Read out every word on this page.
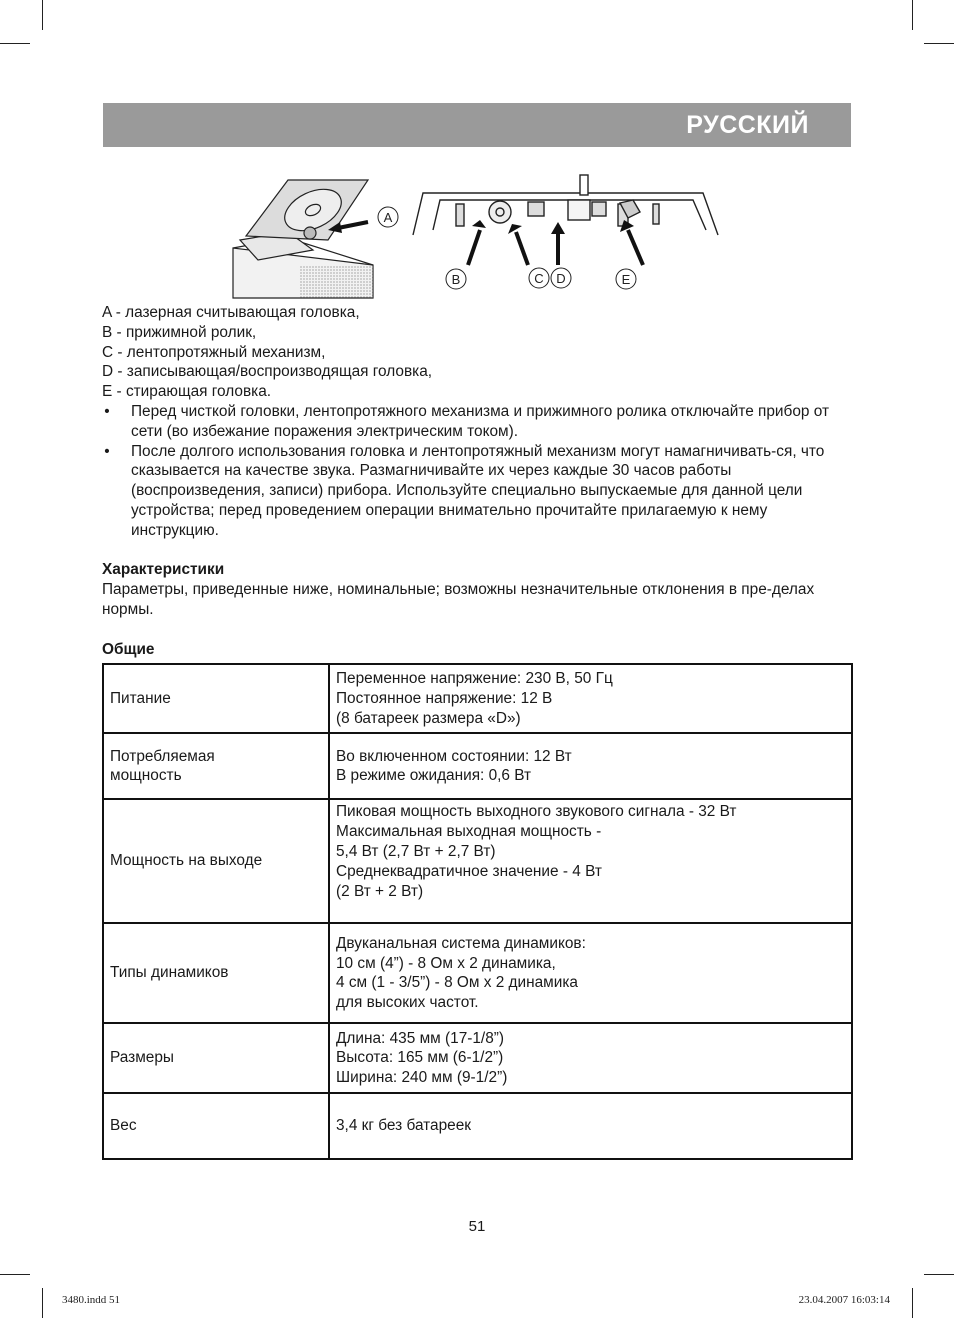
РУССКИЙ
A
B	C D	E

A - лазерная считывающая головка,

B - прижимной ролик,

C - лентопротяжный механизм,

D - записывающая/воспроизводящая головка,

E - стирающая головка.

• Перед чисткой головки, лентопротяжного механизма и прижимного ролика отключайте прибор от сети (во избежание поражения электрическим током).
• После долгого использования головка и лентопротяжный механизм могут намагничивать-ся, что сказывается на качестве звука. Размагничивайте их через каждые 30 часов работы (воспроизведения, записи) прибора. Используйте специально выпускаемые для данной цели устройства; перед проведением операции внимательно прочитайте прилагаемую к нему инструкцию.

Характеристики

Параметры, приведенные ниже, номинальные; возможны незначительные отклонения в пре-делах нормы.

Общие

Питание	Переменное напряжение: 230 В, 50 Гц
Постоянное напряжение: 12 В
(8 батареек размера «D»)

Потребляемая мощность	Во включенном состоянии: 12 Вт
В режиме ожидания: 0,6 Вт

Мощность на выходе	Пиковая мощность выходного звукового сигнала - 32 Вт
Максимальная выходная мощность -
5,4 Вт (2,7 Вт + 2,7 Вт)
Среднеквадратичное значение - 4 Вт
(2 Вт + 2 Вт)

Типы динамиков	Двуканальная система динамиков:
10 см (4”) - 8 Ом х 2 динамика,
4 см (1 - 3/5”) - 8 Ом х 2 динамика
для высоких частот.

Размеры	Длина: 435 мм (17-1/8”)
Высота: 165 мм (6-1/2”)
Ширина: 240 мм (9-1/2”)

Вес	3,4 кг без батареек
51
3480.indd 51	23.04.2007 16:03:14
